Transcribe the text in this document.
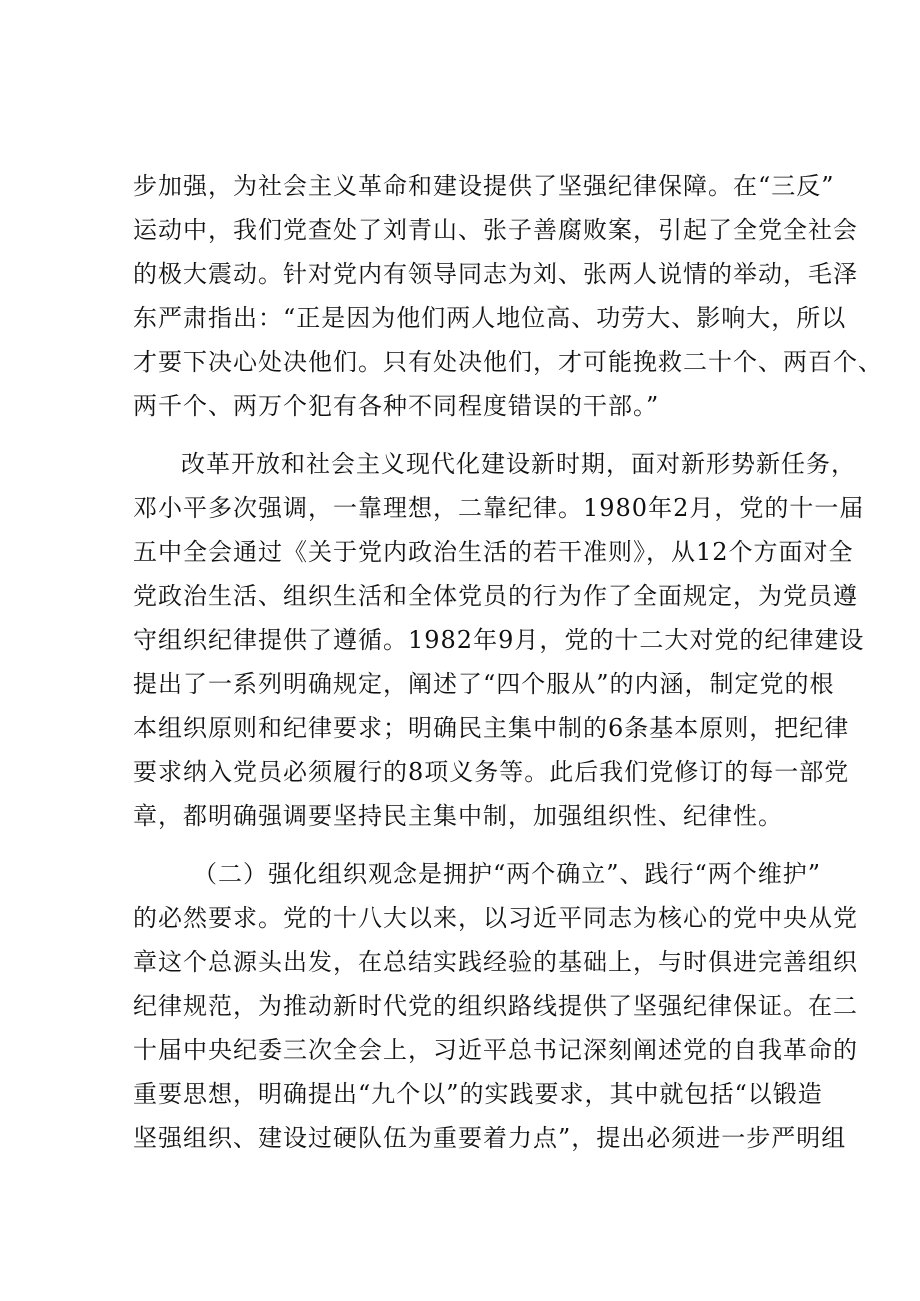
步加强，为社会主义革命和建设提供了坚强纪律保障。在“三反”
运动中，我们党查处了刘青山、张子善腐败案，引起了全党全社会
的极大震动。针对党内有领导同志为刘、张两人说情的举动，毛泽
东严肃指出：“正是因为他们两人地位高、功劳大、影响大，所以
才要下决心处决他们。只有处决他们，才可能挽救二十个、两百个、
两千个、两万个犯有各种不同程度错误的干部。”
改革开放和社会主义现代化建设新时期，面对新形势新任务，
邓小平多次强调，一靠理想，二靠纪律。1980年2月，党的十一届
五中全会通过《关于党内政治生活的若干准则》，从12个方面对全
党政治生活、组织生活和全体党员的行为作了全面规定，为党员遵
守组织纪律提供了遵循。1982年9月，党的十二大对党的纪律建设
提出了一系列明确规定，阐述了“四个服从”的内涵，制定党的根
本组织原则和纪律要求；明确民主集中制的6条基本原则，把纪律
要求纳入党员必须履行的8项义务等。此后我们党修订的每一部党
章，都明确强调要坚持民主集中制，加强组织性、纪律性。
（二）强化组织观念是拥护“两个确立”、践行“两个维护”
的必然要求。党的十八大以来，以习近平同志为核心的党中央从党
章这个总源头出发，在总结实践经验的基础上，与时俱进完善组织
纪律规范，为推动新时代党的组织路线提供了坚强纪律保证。在二
十届中央纪委三次全会上，习近平总书记深刻阐述党的自我革命的
重要思想，明确提出“九个以”的实践要求，其中就包括“以锻造
坚强组织、建设过硬队伍为重要着力点”，提出必须进一步严明组
